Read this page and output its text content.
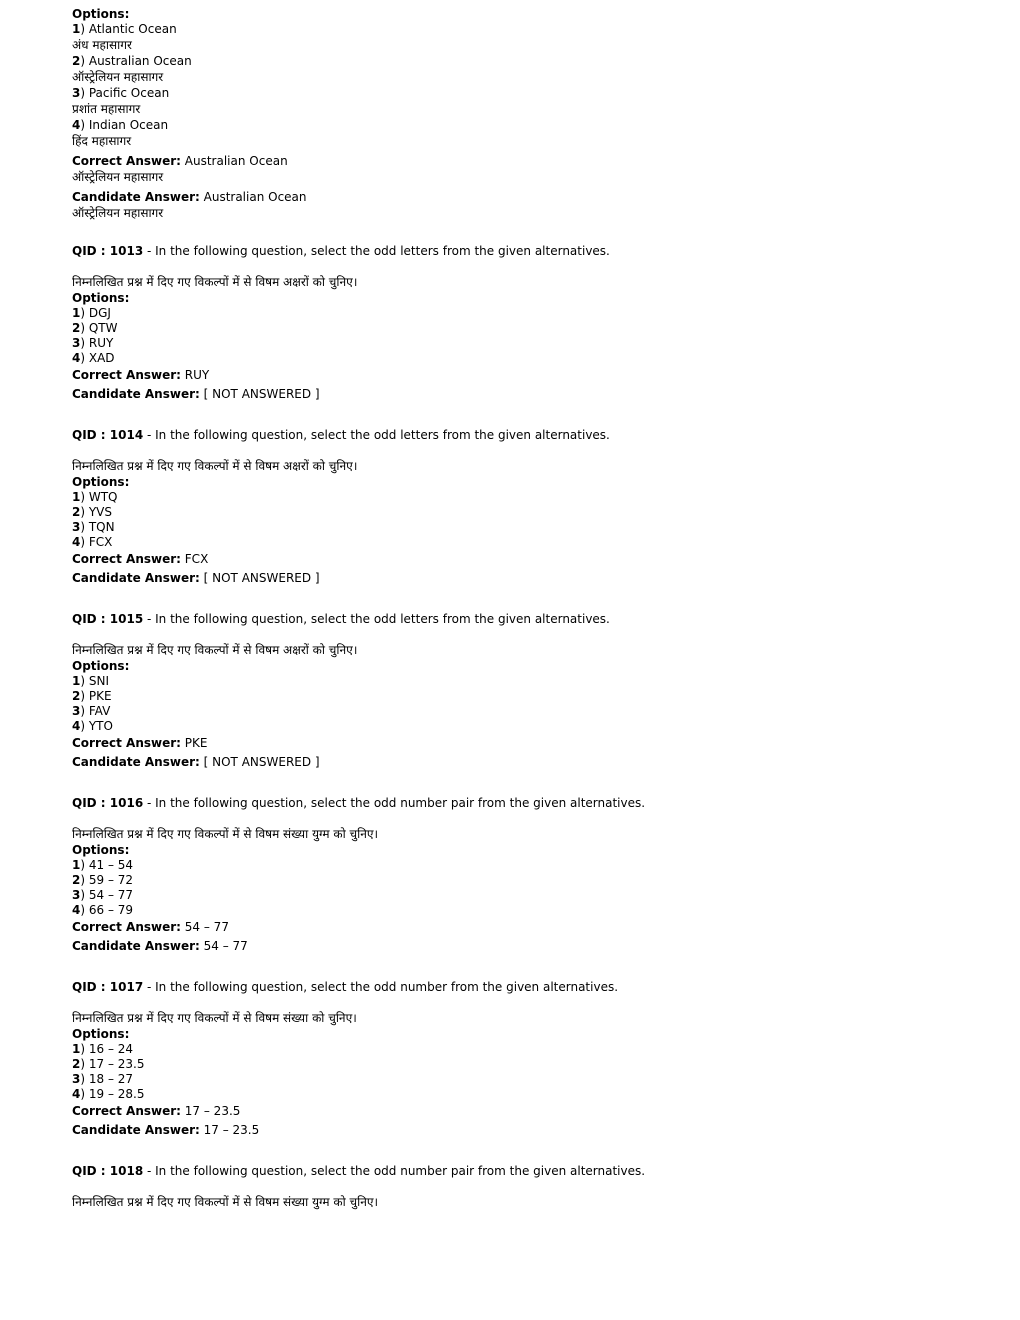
Options:
1) Atlantic Ocean
अंध महासागर
2) Australian Ocean
ऑस्ट्रेलियन महासागर
3) Pacific Ocean
प्रशांत महासागर
4) Indian Ocean
हिंद महासागर
Correct Answer: Australian Ocean
ऑस्ट्रेलियन महासागर
Candidate Answer: Australian Ocean
ऑस्ट्रेलियन महासागर
QID : 1013 - In the following question, select the odd letters from the given alternatives.
निम्नलिखित प्रश्न में दिए गए विकल्पों में से विषम अक्षरों को चुनिए।
Options:
1) DGJ
2) QTW
3) RUY
4) XAD
Correct Answer: RUY
Candidate Answer: [ NOT ANSWERED ]
QID : 1014 - In the following question, select the odd letters from the given alternatives.
निम्नलिखित प्रश्न में दिए गए विकल्पों में से विषम अक्षरों को चुनिए।
Options:
1) WTQ
2) YVS
3) TQN
4) FCX
Correct Answer: FCX
Candidate Answer: [ NOT ANSWERED ]
QID : 1015 - In the following question, select the odd letters from the given alternatives.
निम्नलिखित प्रश्न में दिए गए विकल्पों में से विषम अक्षरों को चुनिए।
Options:
1) SNI
2) PKE
3) FAV
4) YTO
Correct Answer: PKE
Candidate Answer: [ NOT ANSWERED ]
QID : 1016 - In the following question, select the odd number pair from the given alternatives.
निम्नलिखित प्रश्न में दिए गए विकल्पों में से विषम संख्या युग्म को चुनिए।
Options:
1) 41 – 54
2) 59 – 72
3) 54 – 77
4) 66 – 79
Correct Answer: 54 – 77
Candidate Answer: 54 – 77
QID : 1017 - In the following question, select the odd number from the given alternatives.
निम्नलिखित प्रश्न में दिए गए विकल्पों में से विषम संख्या को चुनिए।
Options:
1) 16 – 24
2) 17 – 23.5
3) 18 – 27
4) 19 – 28.5
Correct Answer: 17 – 23.5
Candidate Answer: 17 – 23.5
QID : 1018 - In the following question, select the odd number pair from the given alternatives.
निम्नलिखित प्रश्न में दिए गए विकल्पों में से विषम संख्या युग्म को चुनिए।
